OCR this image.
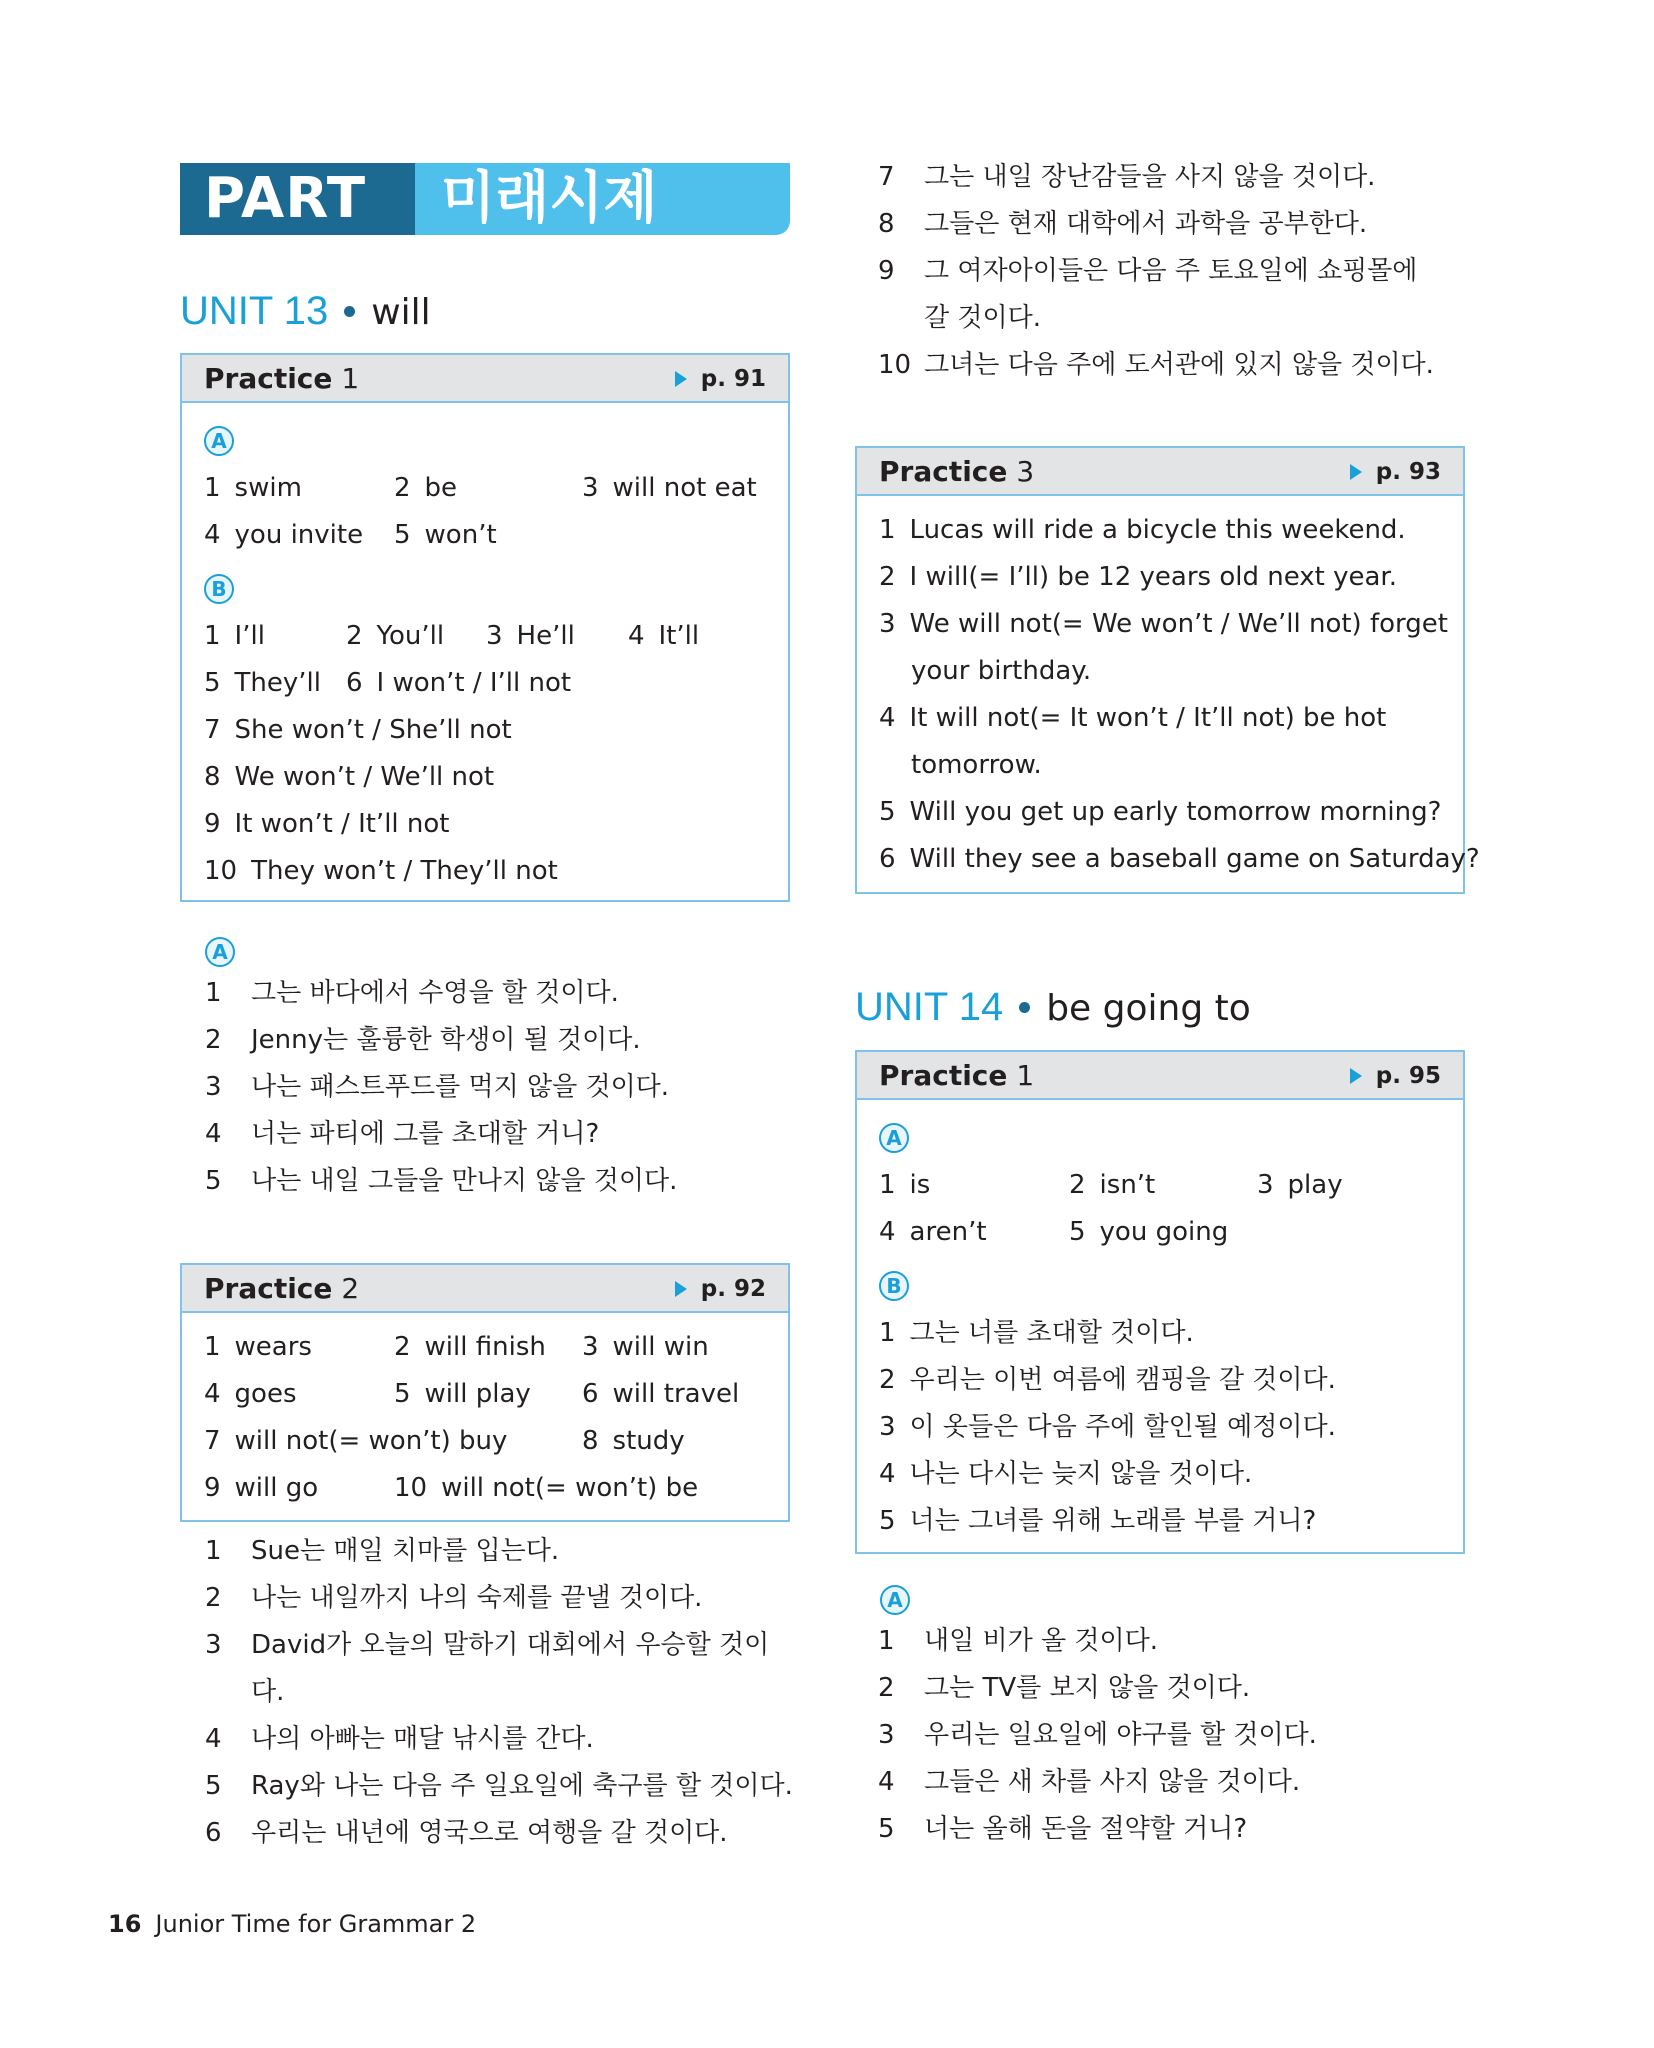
PART 6
미래시제
UNIT 13 will
Practice 1	p. 91
A
1 swim	2 be	3 will not eat
4 you invite 5 won’t
B
1 I’ll	2 You’ll 3 He’ll 4 It’ll
5 They’ll 6 I won’t / I’ll not
7 She won’t / She’ll not
8 We won’t / We’ll not
9 It won’t / It’ll not
10 They won’t / They’ll not
A
1 그는 바다에서 수영을 할 것이다.
2 Jenny는 훌륭한 학생이 될 것이다.
3 나는 패스트푸드를 먹지 않을 것이다.
4 너는 파티에 그를 초대할 거니?
5 나는 내일 그들을 만나지 않을 것이다.
Practice 2	p. 92
1 wears	2 will finish 3 will win
4 goes	5 will play 6 will travel
7 will not(= won’t) buy	8 study
9 will go	10 will not(= won’t) be
1 Sue는 매일 치마를 입는다.
2 나는 내일까지 나의 숙제를 끝낼 것이다.
3 David가 오늘의 말하기 대회에서 우승할 것이
다.
4 나의 아빠는 매달 낚시를 간다.
5 Ray와 나는 다음 주 일요일에 축구를 할 것이다.
6 우리는 내년에 영국으로 여행을 갈 것이다.
7 그는 내일 장난감들을 사지 않을 것이다.
8 그들은 현재 대학에서 과학을 공부한다.
9 그 여자아이들은 다음 주 토요일에 쇼핑몰에
갈 것이다.
10 그녀는 다음 주에 도서관에 있지 않을 것이다.
Practice 3	p. 93
1 Lucas will ride a bicycle this weekend.
2 I will(= I’ll) be 12 years old next year.
3 We will not(= We won’t / We’ll not) forget
your birthday.
4 It will not(= It won’t / It’ll not) be hot
tomorrow.
5 Will you get up early tomorrow morning?
6 Will they see a baseball game on Saturday?
UNIT 14 be going to
Practice 1	p. 95
A
1 is	2 isn’t	3 play
4 aren’t	5 you going
B
1 그는 너를 초대할 것이다.
2 우리는 이번 여름에 캠핑을 갈 것이다.
3 이 옷들은 다음 주에 할인될 예정이다.
4 나는 다시는 늦지 않을 것이다.
5 너는 그녀를 위해 노래를 부를 거니?
A
1 내일 비가 올 것이다.
2 그는 TV를 보지 않을 것이다.
3 우리는 일요일에 야구를 할 것이다.
4 그들은 새 차를 사지 않을 것이다.
5 너는 올해 돈을 절약할 거니?
16 Junior Time for Grammar 2
